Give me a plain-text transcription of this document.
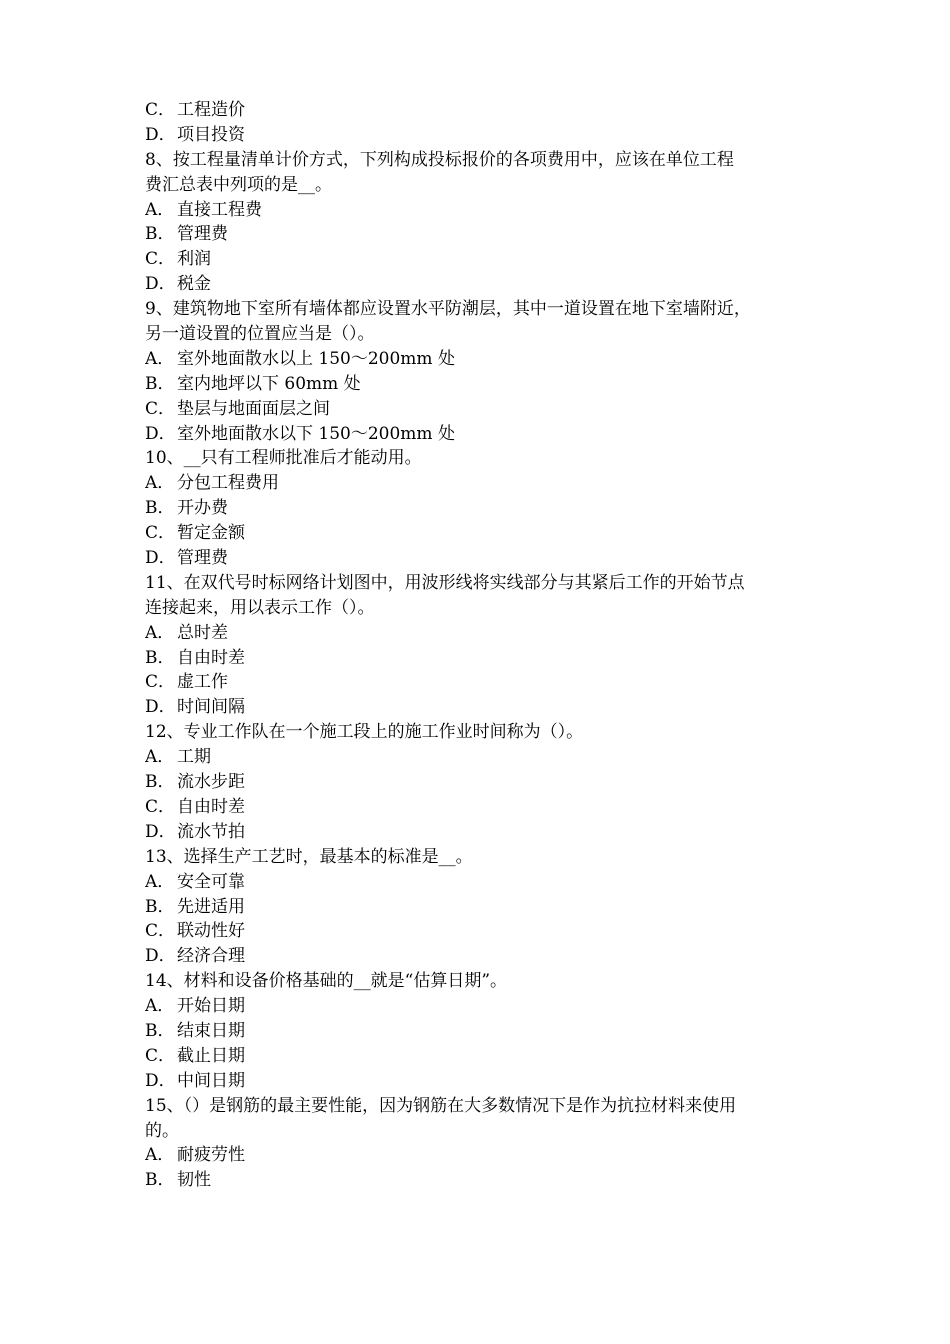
C． 工程造价
D．项目投资
8、按工程量清单计价方式，下列构成投标报价的各项费用中，应该在单位工程
费汇总表中列项的是__。
A． 直接工程费
B． 管理费
C． 利润
D．税金
9、建筑物地下室所有墙体都应设置水平防潮层，其中一道设置在地下室墙附近，
另一道设置的位置应当是（）。
A． 室外地面散水以上 150～200mm 处
B． 室内地坪以下 60mm 处
C． 垫层与地面面层之间
D．室外地面散水以下 150～200mm 处
10、__只有工程师批准后才能动用。
A． 分包工程费用
B． 开办费
C． 暂定金额
D．管理费
11、在双代号时标网络计划图中，用波形线将实线部分与其紧后工作的开始节点
连接起来，用以表示工作（）。
A． 总时差
B． 自由时差
C． 虚工作
D．时间间隔
12、专业工作队在一个施工段上的施工作业时间称为（）。
A． 工期
B． 流水步距
C． 自由时差
D．流水节拍
13、选择生产工艺时，最基本的标准是__。
A． 安全可靠
B． 先进适用
C． 联动性好
D．经济合理
14、材料和设备价格基础的__就是“估算日期”。
A． 开始日期
B． 结束日期
C． 截止日期
D．中间日期
15、（）是钢筋的最主要性能，因为钢筋在大多数情况下是作为抗拉材料来使用
的。
A． 耐疲劳性
B． 韧性
